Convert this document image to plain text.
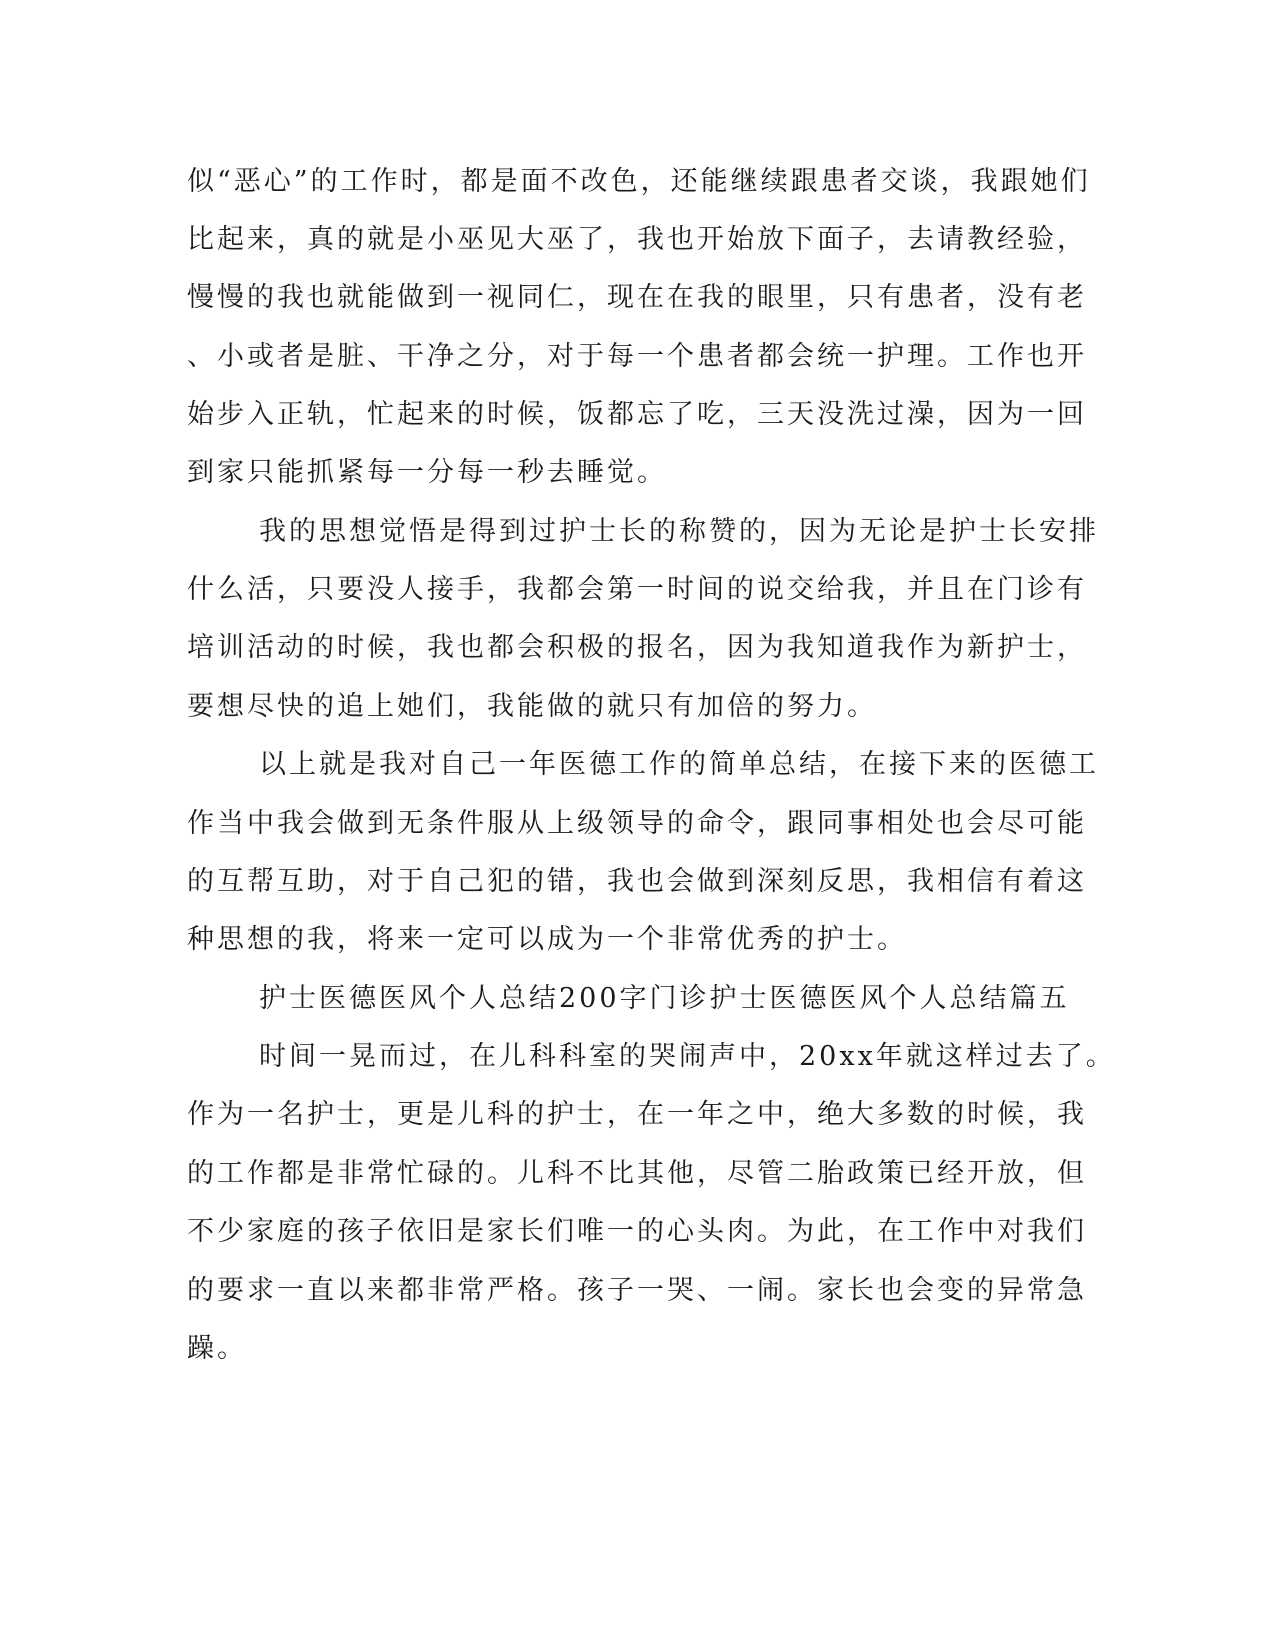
似“恶心”的工作时，都是面不改色，还能继续跟患者交谈，我跟她们
比起来，真的就是小巫见大巫了，我也开始放下面子，去请教经验，
慢慢的我也就能做到一视同仁，现在在我的眼里，只有患者，没有老
、小或者是脏、干净之分，对于每一个患者都会统一护理。工作也开
始步入正轨，忙起来的时候，饭都忘了吃，三天没洗过澡，因为一回
到家只能抓紧每一分每一秒去睡觉。
我的思想觉悟是得到过护士长的称赞的，因为无论是护士长安排
什么活，只要没人接手，我都会第一时间的说交给我，并且在门诊有
培训活动的时候，我也都会积极的报名，因为我知道我作为新护士，
要想尽快的追上她们，我能做的就只有加倍的努力。
以上就是我对自己一年医德工作的简单总结，在接下来的医德工
作当中我会做到无条件服从上级领导的命令，跟同事相处也会尽可能
的互帮互助，对于自己犯的错，我也会做到深刻反思，我相信有着这
种思想的我，将来一定可以成为一个非常优秀的护士。
护士医德医风个人总结200字门诊护士医德医风个人总结篇五
时间一晃而过，在儿科科室的哭闹声中，20xx年就这样过去了。
作为一名护士，更是儿科的护士，在一年之中，绝大多数的时候，我
的工作都是非常忙碌的。儿科不比其他，尽管二胎政策已经开放，但
不少家庭的孩子依旧是家长们唯一的心头肉。为此，在工作中对我们
的要求一直以来都非常严格。孩子一哭、一闹。家长也会变的异常急
躁。
